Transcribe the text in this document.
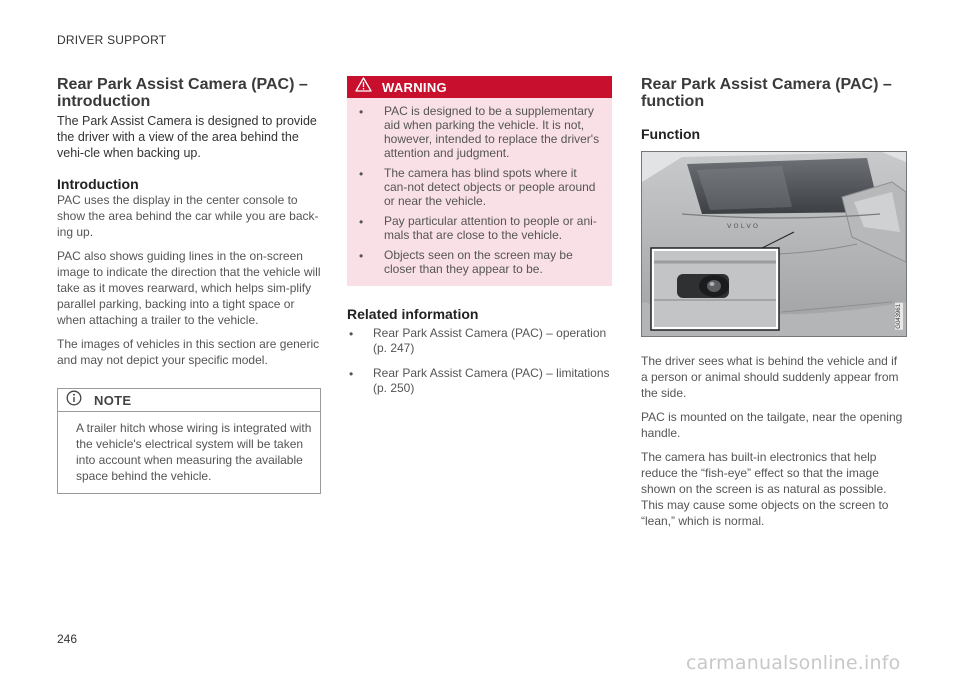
DRIVER SUPPORT
Rear Park Assist Camera (PAC) – introduction

The Park Assist Camera is designed to provide the driver with a view of the area behind the vehi-cle when backing up.

Introduction

PAC uses the display in the center console to show the area behind the car while you are back-ing up.

PAC also shows guiding lines in the on-screen image to indicate the direction that the vehicle will take as it moves rearward, which helps sim-plify parallel parking, backing into a tight space or when attaching a trailer to the vehicle.

The images of vehicles in this section are generic and may not depict your specific model.

NOTE

A trailer hitch whose wiring is integrated with the vehicle's electrical system will be taken into account when measuring the available space behind the vehicle.

WARNING
•	PAC is designed to be a supplementary aid when parking the vehicle. It is not, however, intended to replace the driver's attention and judgment.

•	The camera has blind spots where it can-not detect objects or people around or near the vehicle.

•	Pay particular attention to people or ani-mals that are close to the vehicle.

•	Objects seen on the screen may be closer than they appear to be.

Related information
•	Rear Park Assist Camera (PAC) – operation (p. 247)

•	Rear Park Assist Camera (PAC) – limitations (p. 250)

Rear Park Assist Camera (PAC) – function
Function
V O L V O
G043961

The driver sees what is behind the vehicle and if a person or animal should suddenly appear from the side.

PAC is mounted on the tailgate, near the opening handle.

The camera has built-in electronics that help reduce the “fish-eye” effect so that the image shown on the screen is as natural as possible. This may cause some objects on the screen to “lean,” which is normal.

246
carmanualsonline.info
